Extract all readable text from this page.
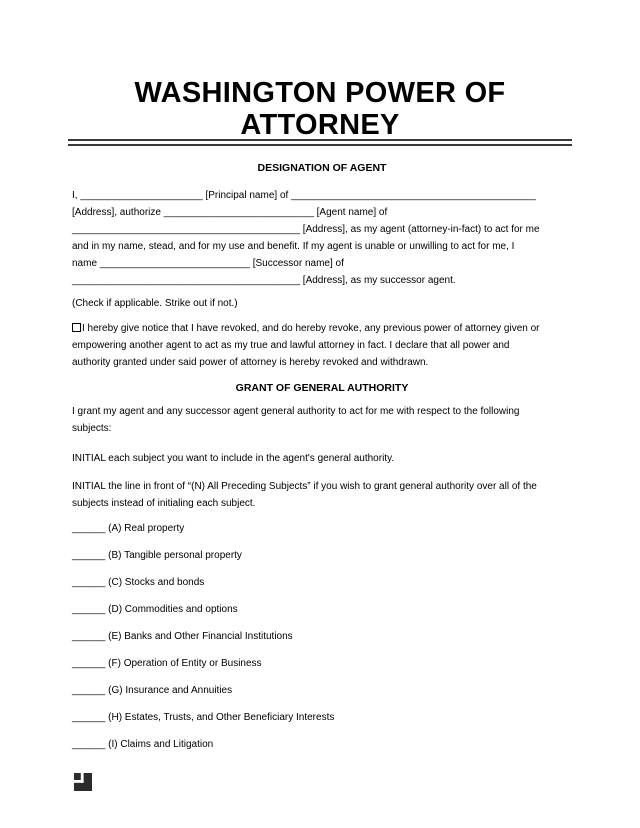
WASHINGTON POWER OF
ATTORNEY
DESIGNATION OF AGENT
I, ______________________ [Principal name] of ____________________________________________
[Address], authorize ___________________________ [Agent name] of
_________________________________________ [Address], as my agent (attorney-in-fact) to act for me
and in my name, stead, and for my use and benefit. If my agent is unable or unwilling to act for me, I
name ___________________________ [Successor name] of
_________________________________________ [Address], as my successor agent.
(Check if applicable. Strike out if not.)
I hereby give notice that I have revoked, and do hereby revoke, any previous power of attorney given or
empowering another agent to act as my true and lawful attorney in fact. I declare that all power and
authority granted under said power of attorney is hereby revoked and withdrawn.
GRANT OF GENERAL AUTHORITY
I grant my agent and any successor agent general authority to act for me with respect to the following
subjects:
INITIAL each subject you want to include in the agent's general authority.
INITIAL the line in front of “(N) All Preceding Subjects” if you wish to grant general authority over all of the
subjects instead of initialing each subject.
______ (A) Real property
______ (B) Tangible personal property
______ (C) Stocks and bonds
______ (D) Commodities and options
______ (E) Banks and Other Financial Institutions
______ (F) Operation of Entity or Business
______ (G) Insurance and Annuities
______ (H) Estates, Trusts, and Other Beneficiary Interests
______ (I) Claims and Litigation
